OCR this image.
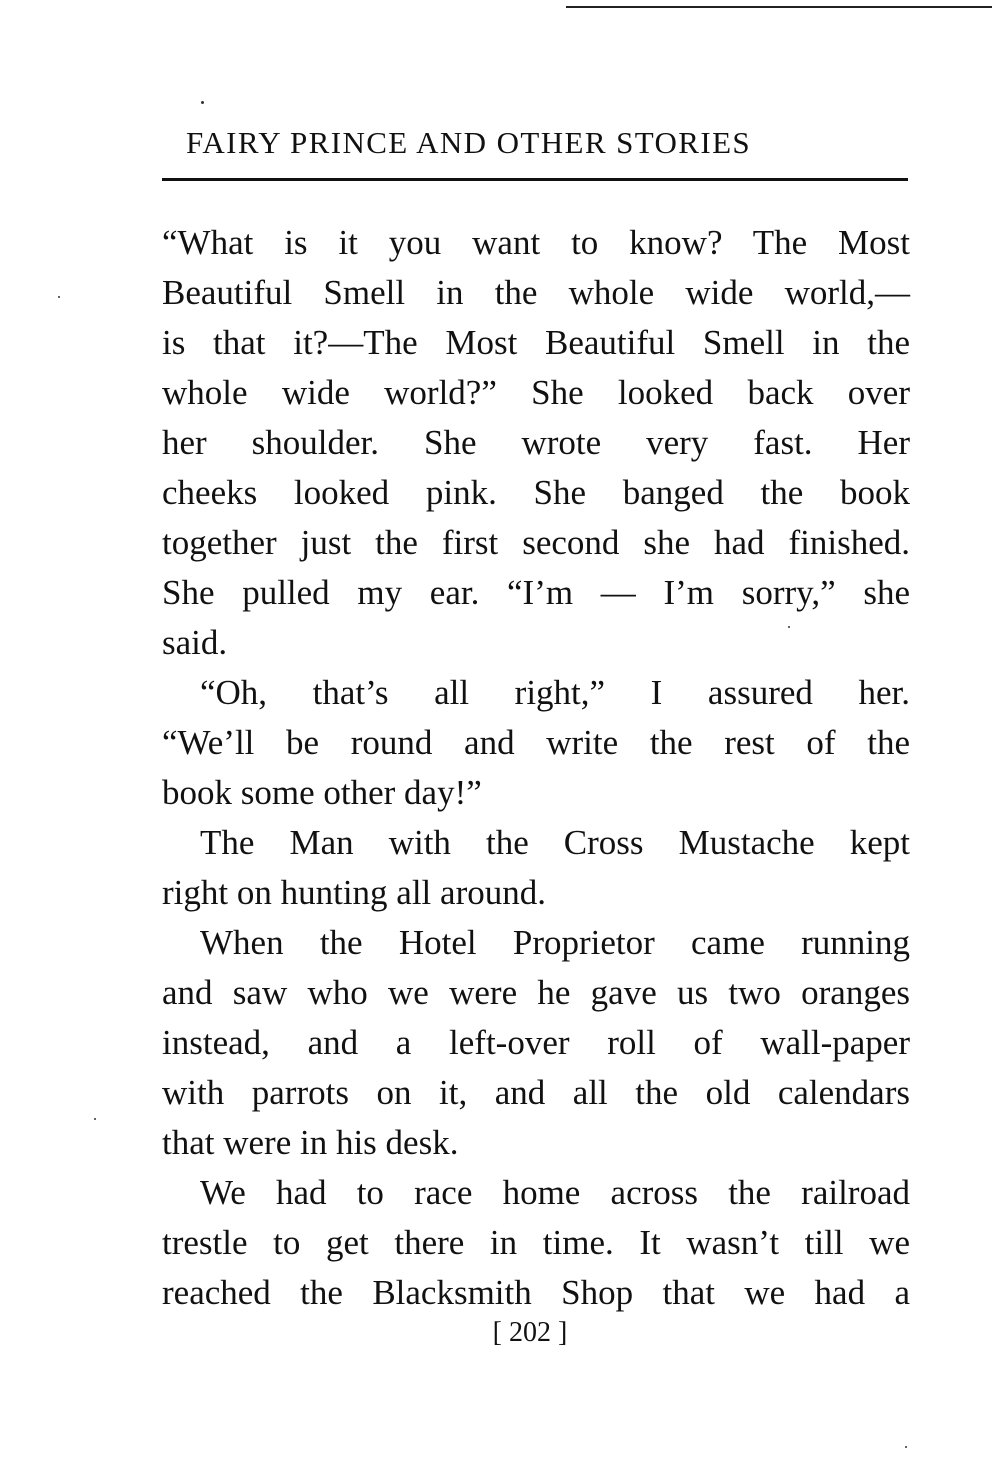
FAIRY PRINCE AND OTHER STORIES
“What is it you want to know? The Most
Beautiful Smell in the whole wide world,—
is that it?—The Most Beautiful Smell in the
whole wide world?” She looked back over
her shoulder. She wrote very fast. Her
cheeks looked pink. She banged the book
together just the first second she had finished.
She pulled my ear. “I’m — I’m sorry,” she
said.
“Oh, that’s all right,” I assured her.
“We’ll be round and write the rest of the
book some other day!”
The Man with the Cross Mustache kept
right on hunting all around.
When the Hotel Proprietor came running
and saw who we were he gave us two oranges
instead, and a left-over roll of wall-paper
with parrots on it, and all the old calendars
that were in his desk.
We had to race home across the railroad
trestle to get there in time. It wasn’t till we
reached the Blacksmith Shop that we had a
[ 202 ]
